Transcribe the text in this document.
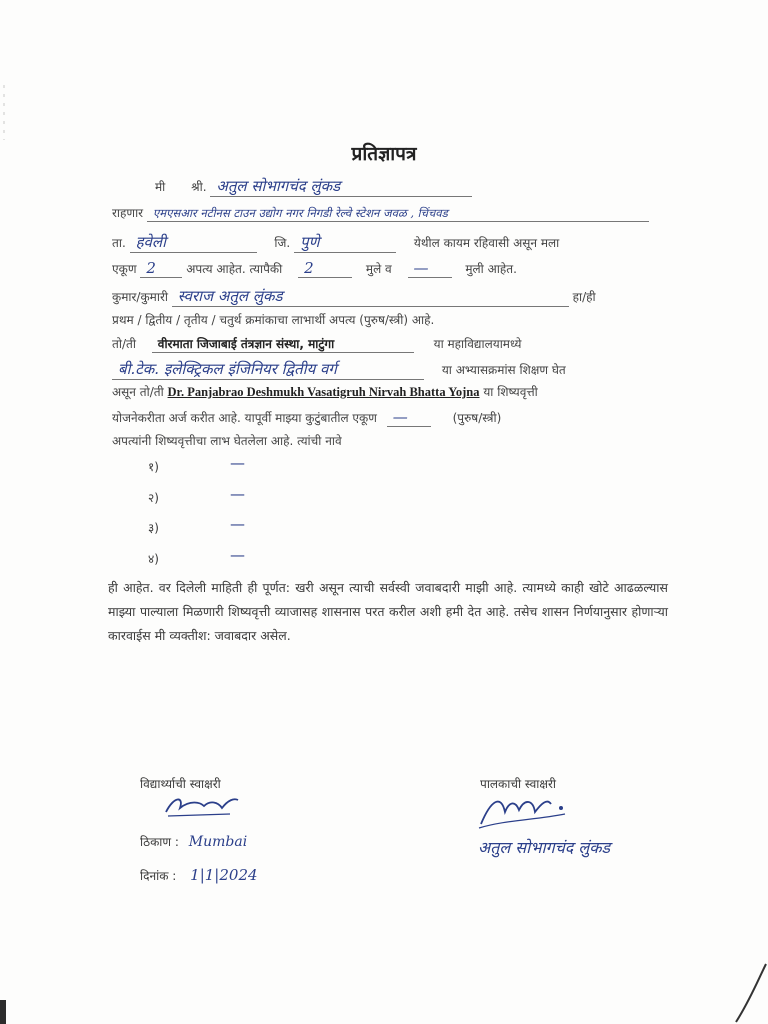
प्रतिज्ञापत्र
मी श्री. अतुल सोभागचंद लुंकड
राहणार एमएसआर नटीनस टाउन उद्योग नगर निगडी रेल्वे स्टेशन जवळ , चिंचवड
ता. हवेली	जि. पुणे	येथील कायम रहिवासी असून मला
एकूण 2	अपत्य आहेत. त्यापैकी 2	मुले व —	मुली आहेत.
कुमार/कुमारी स्वराज अतुल लुंकड	हा/ही
प्रथम / द्वितीय / तृतीय / चतुर्थ क्रमांकाचा लाभार्थी अपत्य (पुरुष/स्त्री) आहे.
तो/ती वीरमाता जिजाबाई तंत्रज्ञान संस्था, माटुंगा	या महाविद्यालयामध्ये
बी.टेक. इलेक्ट्रिकल इंजिनियर द्वितीय वर्ग	या अभ्यासक्रमांस शिक्षण घेत
असून तो/ती Dr. Panjabrao Deshmukh Vasatigruh Nirvah Bhatta Yojna या शिष्यवृत्ती
योजनेकरीता अर्ज करीत आहे. यापूर्वी माझ्या कुटुंबातील एकूण —	(पुरुष/स्त्री)
अपत्यांनी शिष्यवृत्तीचा लाभ घेतलेला आहे. त्यांची नावे
१)	—
२)	—
३)	—
४)	—
ही आहेत. वर दिलेली माहिती ही पूर्णत: खरी असून त्याची सर्वस्वी जवाबदारी माझी आहे. त्यामध्ये काही खोटे आढळल्यास माझ्या पाल्याला मिळणारी शिष्यवृत्ती व्याजासह शासनास परत करील अशी हमी देत आहे. तसेच शासन निर्णयानुसार होणाऱ्या कारवाईस मी व्यक्तीश: जवाबदार असेल.
विद्यार्थ्याची स्वाक्षरी	पालकाची स्वाक्षरी
अतुल सोभागचंद लुंकड
ठिकाण : Mumbai
दिनांक : 1|1|2024
